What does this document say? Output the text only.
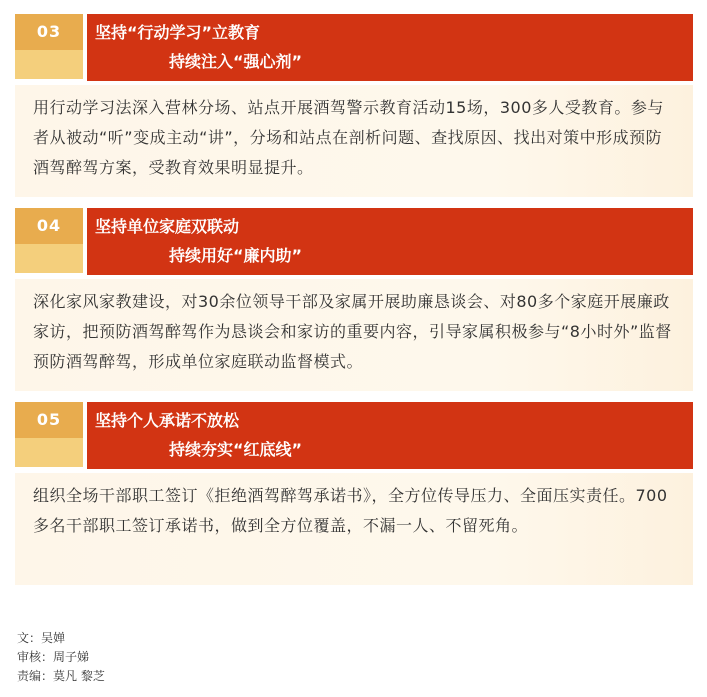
03	坚持“行动学习”立教育
持续注入“强心剂”
用行动学习法深入营林分场、站点开展酒驾警示教育活动15场，300多人受教育。参与者从被动“听”变成主动“讲”，分场和站点在剖析问题、查找原因、找出对策中形成预防酒驾醉驾方案，受教育效果明显提升。
04	坚持单位家庭双联动
持续用好“廉内助”
深化家风家教建设，对30余位领导干部及家属开展助廉恳谈会、对80多个家庭开展廉政家访，把预防酒驾醉驾作为恳谈会和家访的重要内容，引导家属积极参与“8小时外”监督预防酒驾醉驾，形成单位家庭联动监督模式。
05	坚持个人承诺不放松
持续夯实“红底线”
组织全场干部职工签订《拒绝酒驾醉驾承诺书》，全方位传导压力、全面压实责任。700多名干部职工签订承诺书，做到全方位覆盖，不漏一人、不留死角。
文：吴婵
审核：周子娣
责编：莫凡 黎芝
